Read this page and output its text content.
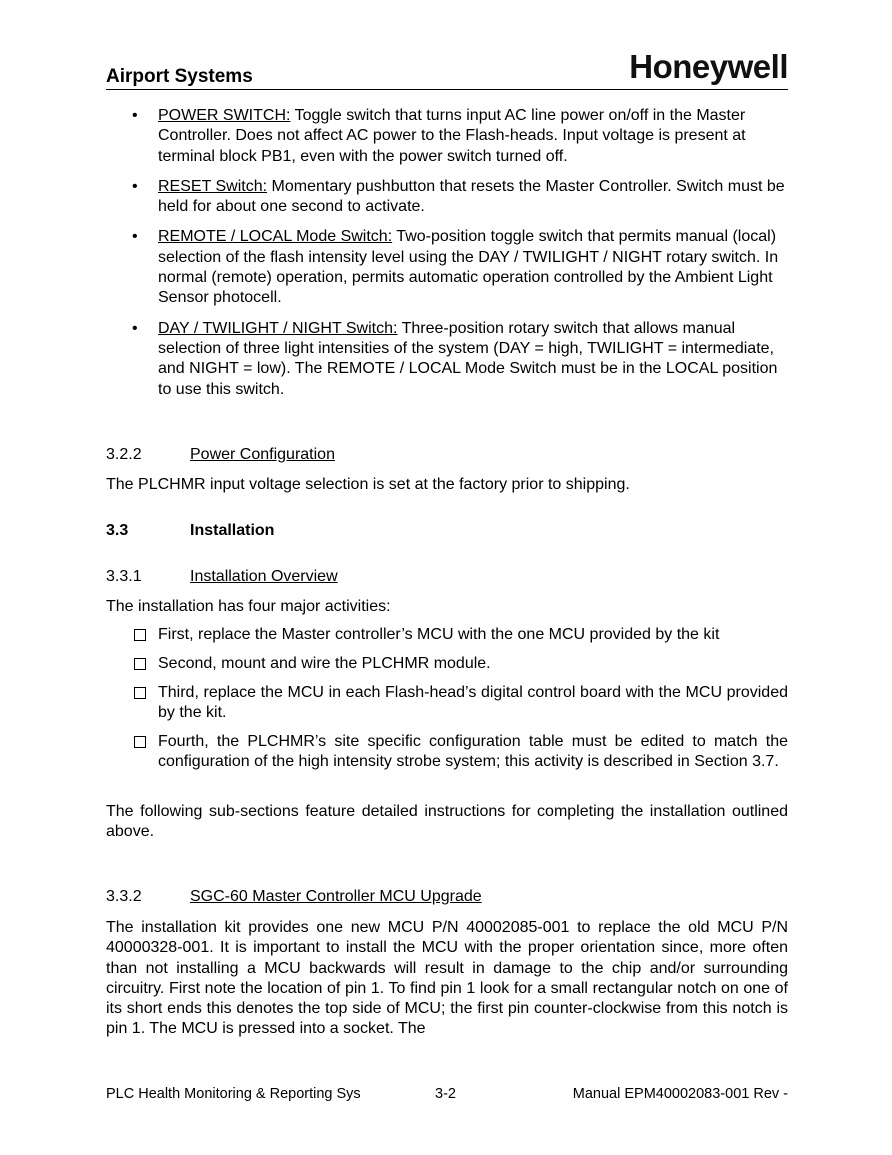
Airport Systems	Honeywell
• POWER SWITCH: Toggle switch that turns input AC line power on/off in the Master Controller. Does not affect AC power to the Flash-heads. Input voltage is present at terminal block PB1, even with the power switch turned off.
• RESET Switch: Momentary pushbutton that resets the Master Controller. Switch must be held for about one second to activate.
• REMOTE / LOCAL Mode Switch: Two-position toggle switch that permits manual (local) selection of the flash intensity level using the DAY / TWILIGHT / NIGHT rotary switch. In normal (remote) operation, permits automatic operation controlled by the Ambient Light Sensor photocell.
• DAY / TWILIGHT / NIGHT Switch: Three-position rotary switch that allows manual selection of three light intensities of the system (DAY = high, TWILIGHT = intermediate, and NIGHT = low). The REMOTE / LOCAL Mode Switch must be in the LOCAL position to use this switch.
3.2.2	Power Configuration
The PLCHMR input voltage selection is set at the factory prior to shipping.
3.3	Installation
3.3.1	Installation Overview
The installation has four major activities:
First, replace the Master controller’s MCU with the one MCU provided by the kit
Second, mount and wire the PLCHMR module.
Third, replace the MCU in each Flash-head’s digital control board with the MCU provided by the kit.
Fourth, the PLCHMR’s site specific configuration table must be edited to match the configuration of the high intensity strobe system; this activity is described in Section 3.7.
The following sub-sections feature detailed instructions for completing the installation outlined above.
3.3.2	SGC-60 Master Controller MCU Upgrade
The installation kit provides one new MCU P/N 40002085-001 to replace the old MCU P/N 40000328-001. It is important to install the MCU with the proper orientation since, more often than not installing a MCU backwards will result in damage to the chip and/or surrounding circuitry. First note the location of pin 1. To find pin 1 look for a small rectangular notch on one of its short ends this denotes the top side of MCU; the first pin counter-clockwise from this notch is pin 1. The MCU is pressed into a socket. The
PLC Health Monitoring & Reporting Sys	3-2	Manual EPM40002083-001 Rev -
